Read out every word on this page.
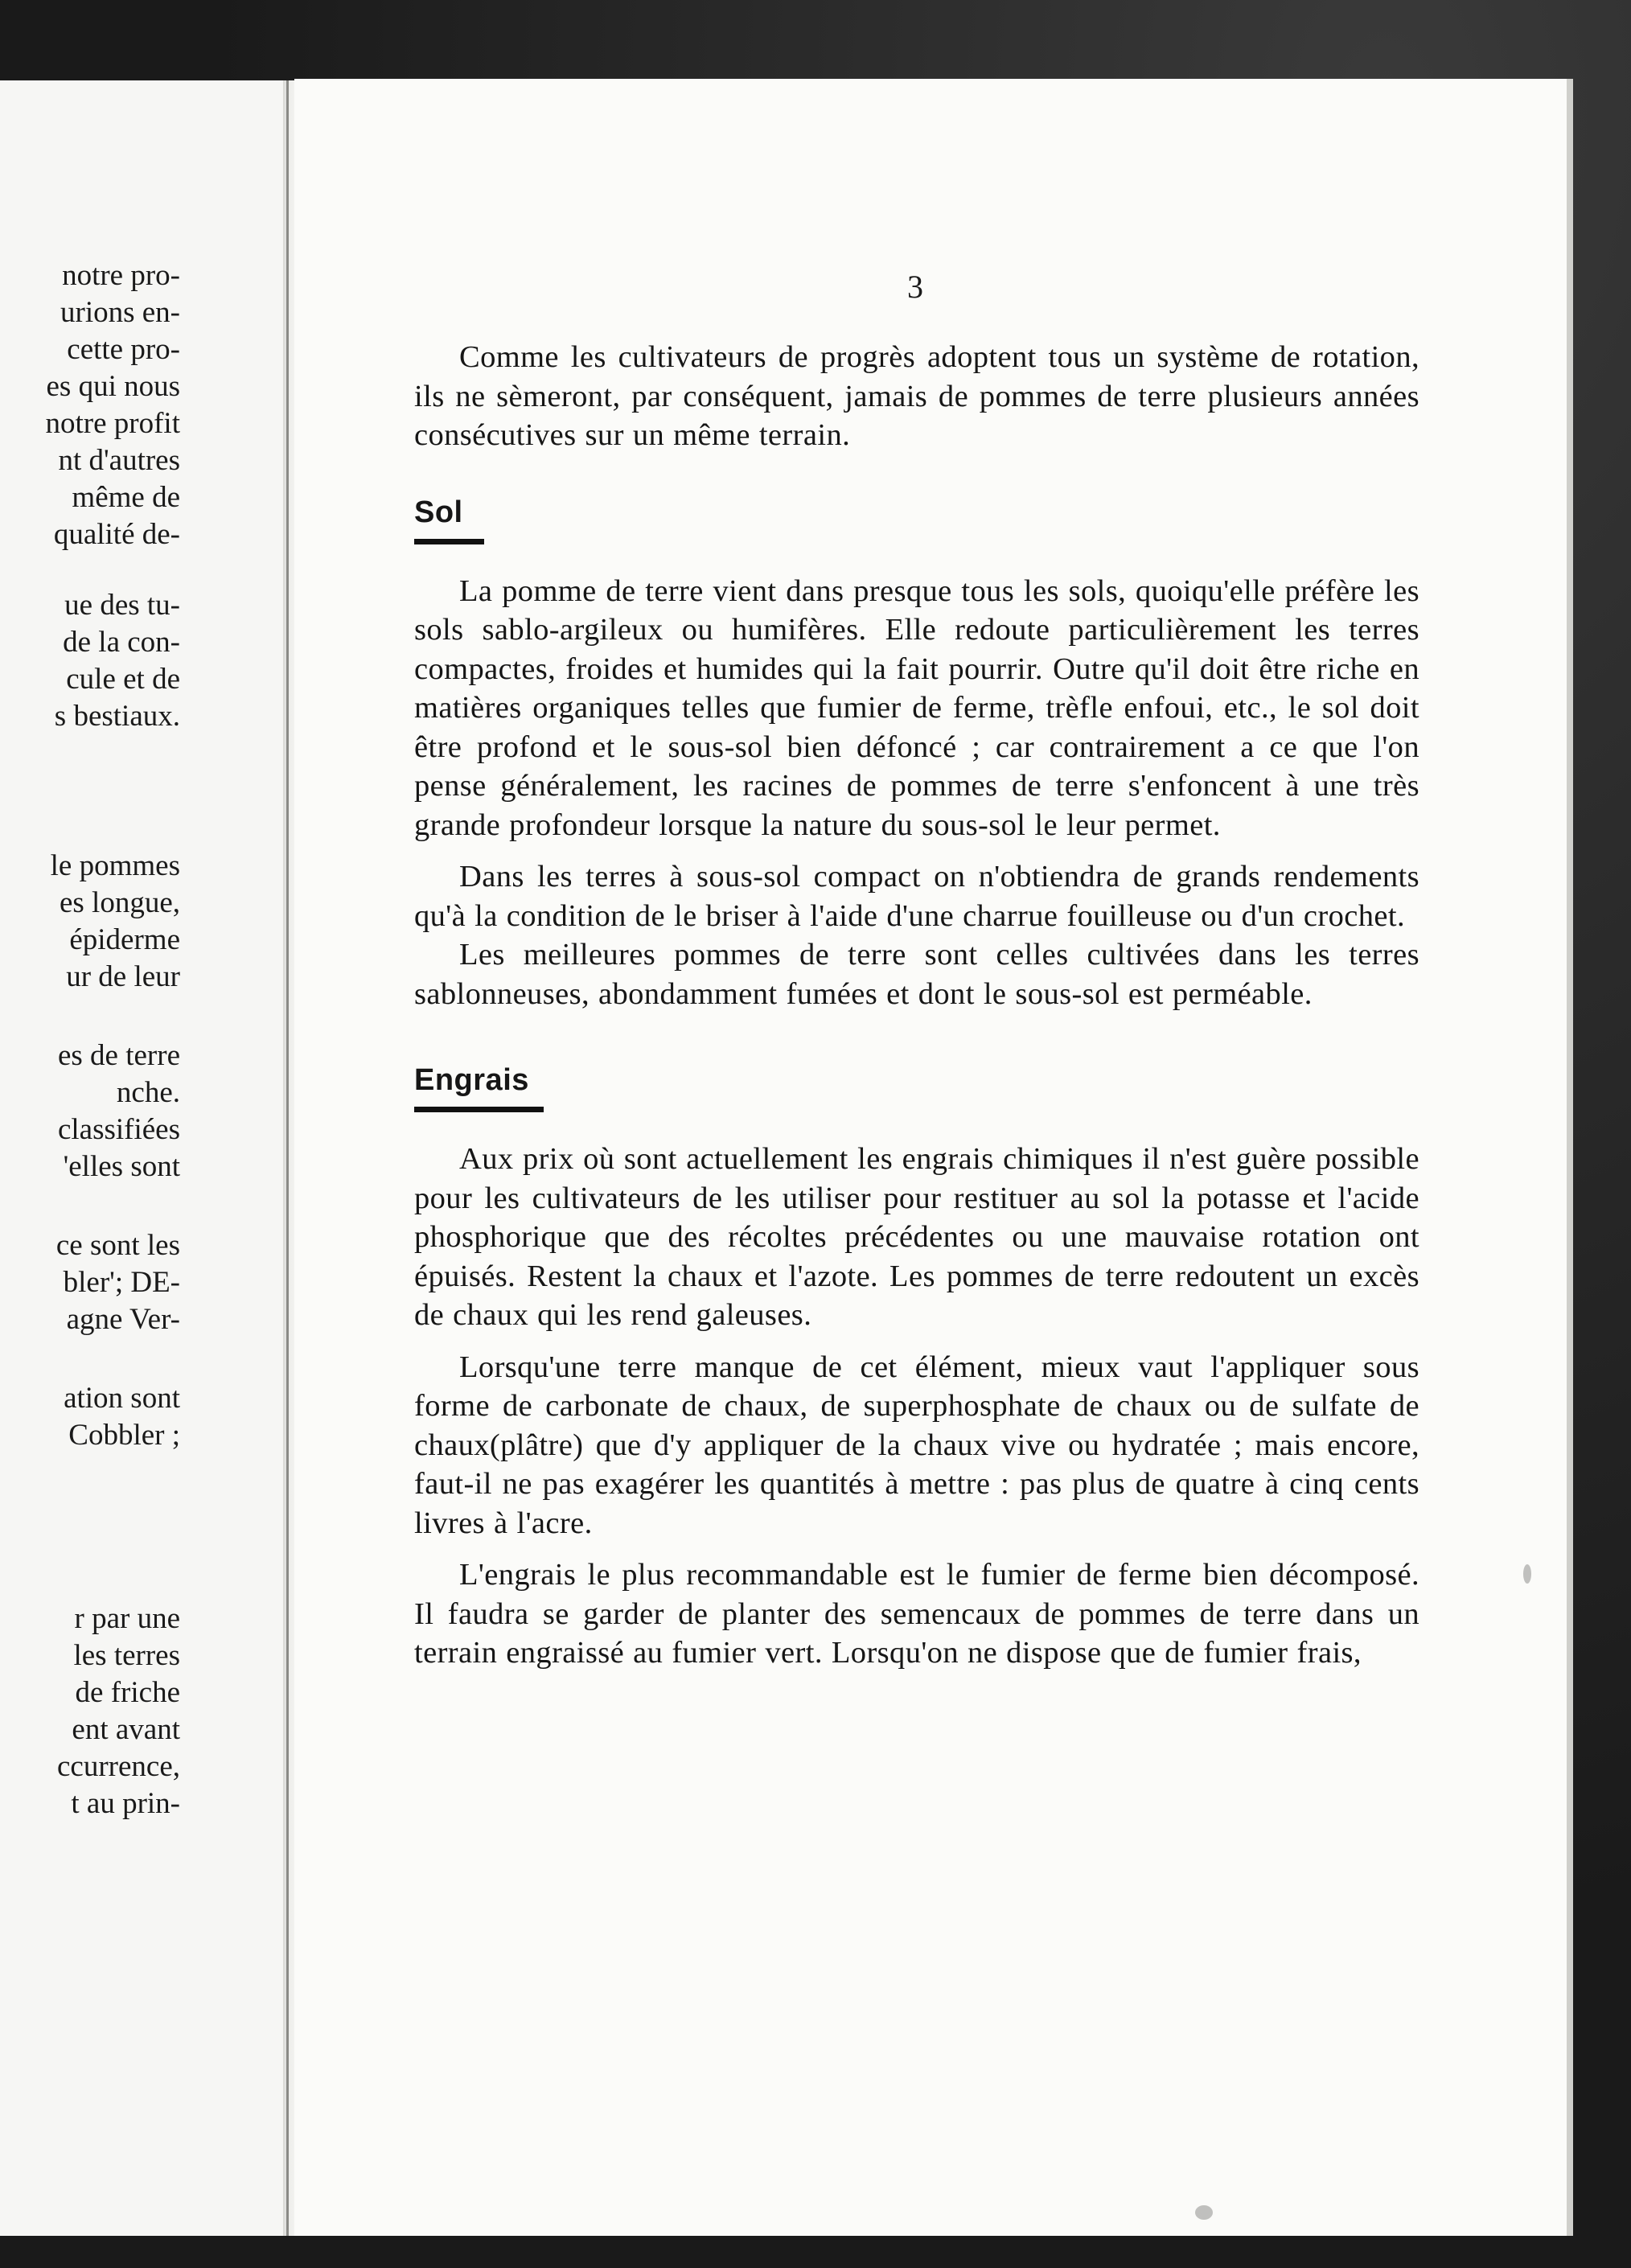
notre pro-
urions en-
cette pro-
es qui nous
notre profit
nt d'autres
même de
qualité de-
ue des tu-
de la con-
cule et de
s bestiaux.
le pommes
es longue,
épiderme
ur de leur
es de terre
nche.
classifiées
'elles sont
ce sont les
bler'; DE-
agne Ver-
ation sont
Cobbler ;
r par une
les terres
de friche
ent avant
ccurrence,
t au prin-
3

Comme les cultivateurs de progrès adoptent tous un système de rotation, ils ne sèmeront, par conséquent, jamais de pommes de terre plusieurs années consécutives sur un même terrain.

Sol

La pomme de terre vient dans presque tous les sols, quoiqu'elle préfère les sols sablo-argileux ou humifères. Elle redoute particulièrement les terres compactes, froides et humides qui la fait pourrir. Outre qu'il doit être riche en matières organiques telles que fumier de ferme, trèfle enfoui, etc., le sol doit être profond et le sous-sol bien défoncé ; car contrairement a ce que l'on pense généralement, les racines de pommes de terre s'enfoncent à une très grande profondeur lorsque la nature du sous-sol le leur permet.

Dans les terres à sous-sol compact on n'obtiendra de grands rendements qu'à la condition de le briser à l'aide d'une charrue fouilleuse ou d'un crochet.

Les meilleures pommes de terre sont celles cultivées dans les terres sablonneuses, abondamment fumées et dont le sous-sol est perméable.

Engrais

Aux prix où sont actuellement les engrais chimiques il n'est guère possible pour les cultivateurs de les utiliser pour restituer au sol la potasse et l'acide phosphorique que des récoltes précédentes ou une mauvaise rotation ont épuisés. Restent la chaux et l'azote. Les pommes de terre redoutent un excès de chaux qui les rend galeuses.

Lorsqu'une terre manque de cet élément, mieux vaut l'appliquer sous forme de carbonate de chaux, de superphosphate de chaux ou de sulfate de chaux(plâtre) que d'y appliquer de la chaux vive ou hydratée ; mais encore, faut-il ne pas exagérer les quantités à mettre : pas plus de quatre à cinq cents livres à l'acre.

L'engrais le plus recommandable est le fumier de ferme bien décomposé. Il faudra se garder de planter des semencaux de pommes de terre dans un terrain engraissé au fumier vert. Lorsqu'on ne dispose que de fumier frais,
